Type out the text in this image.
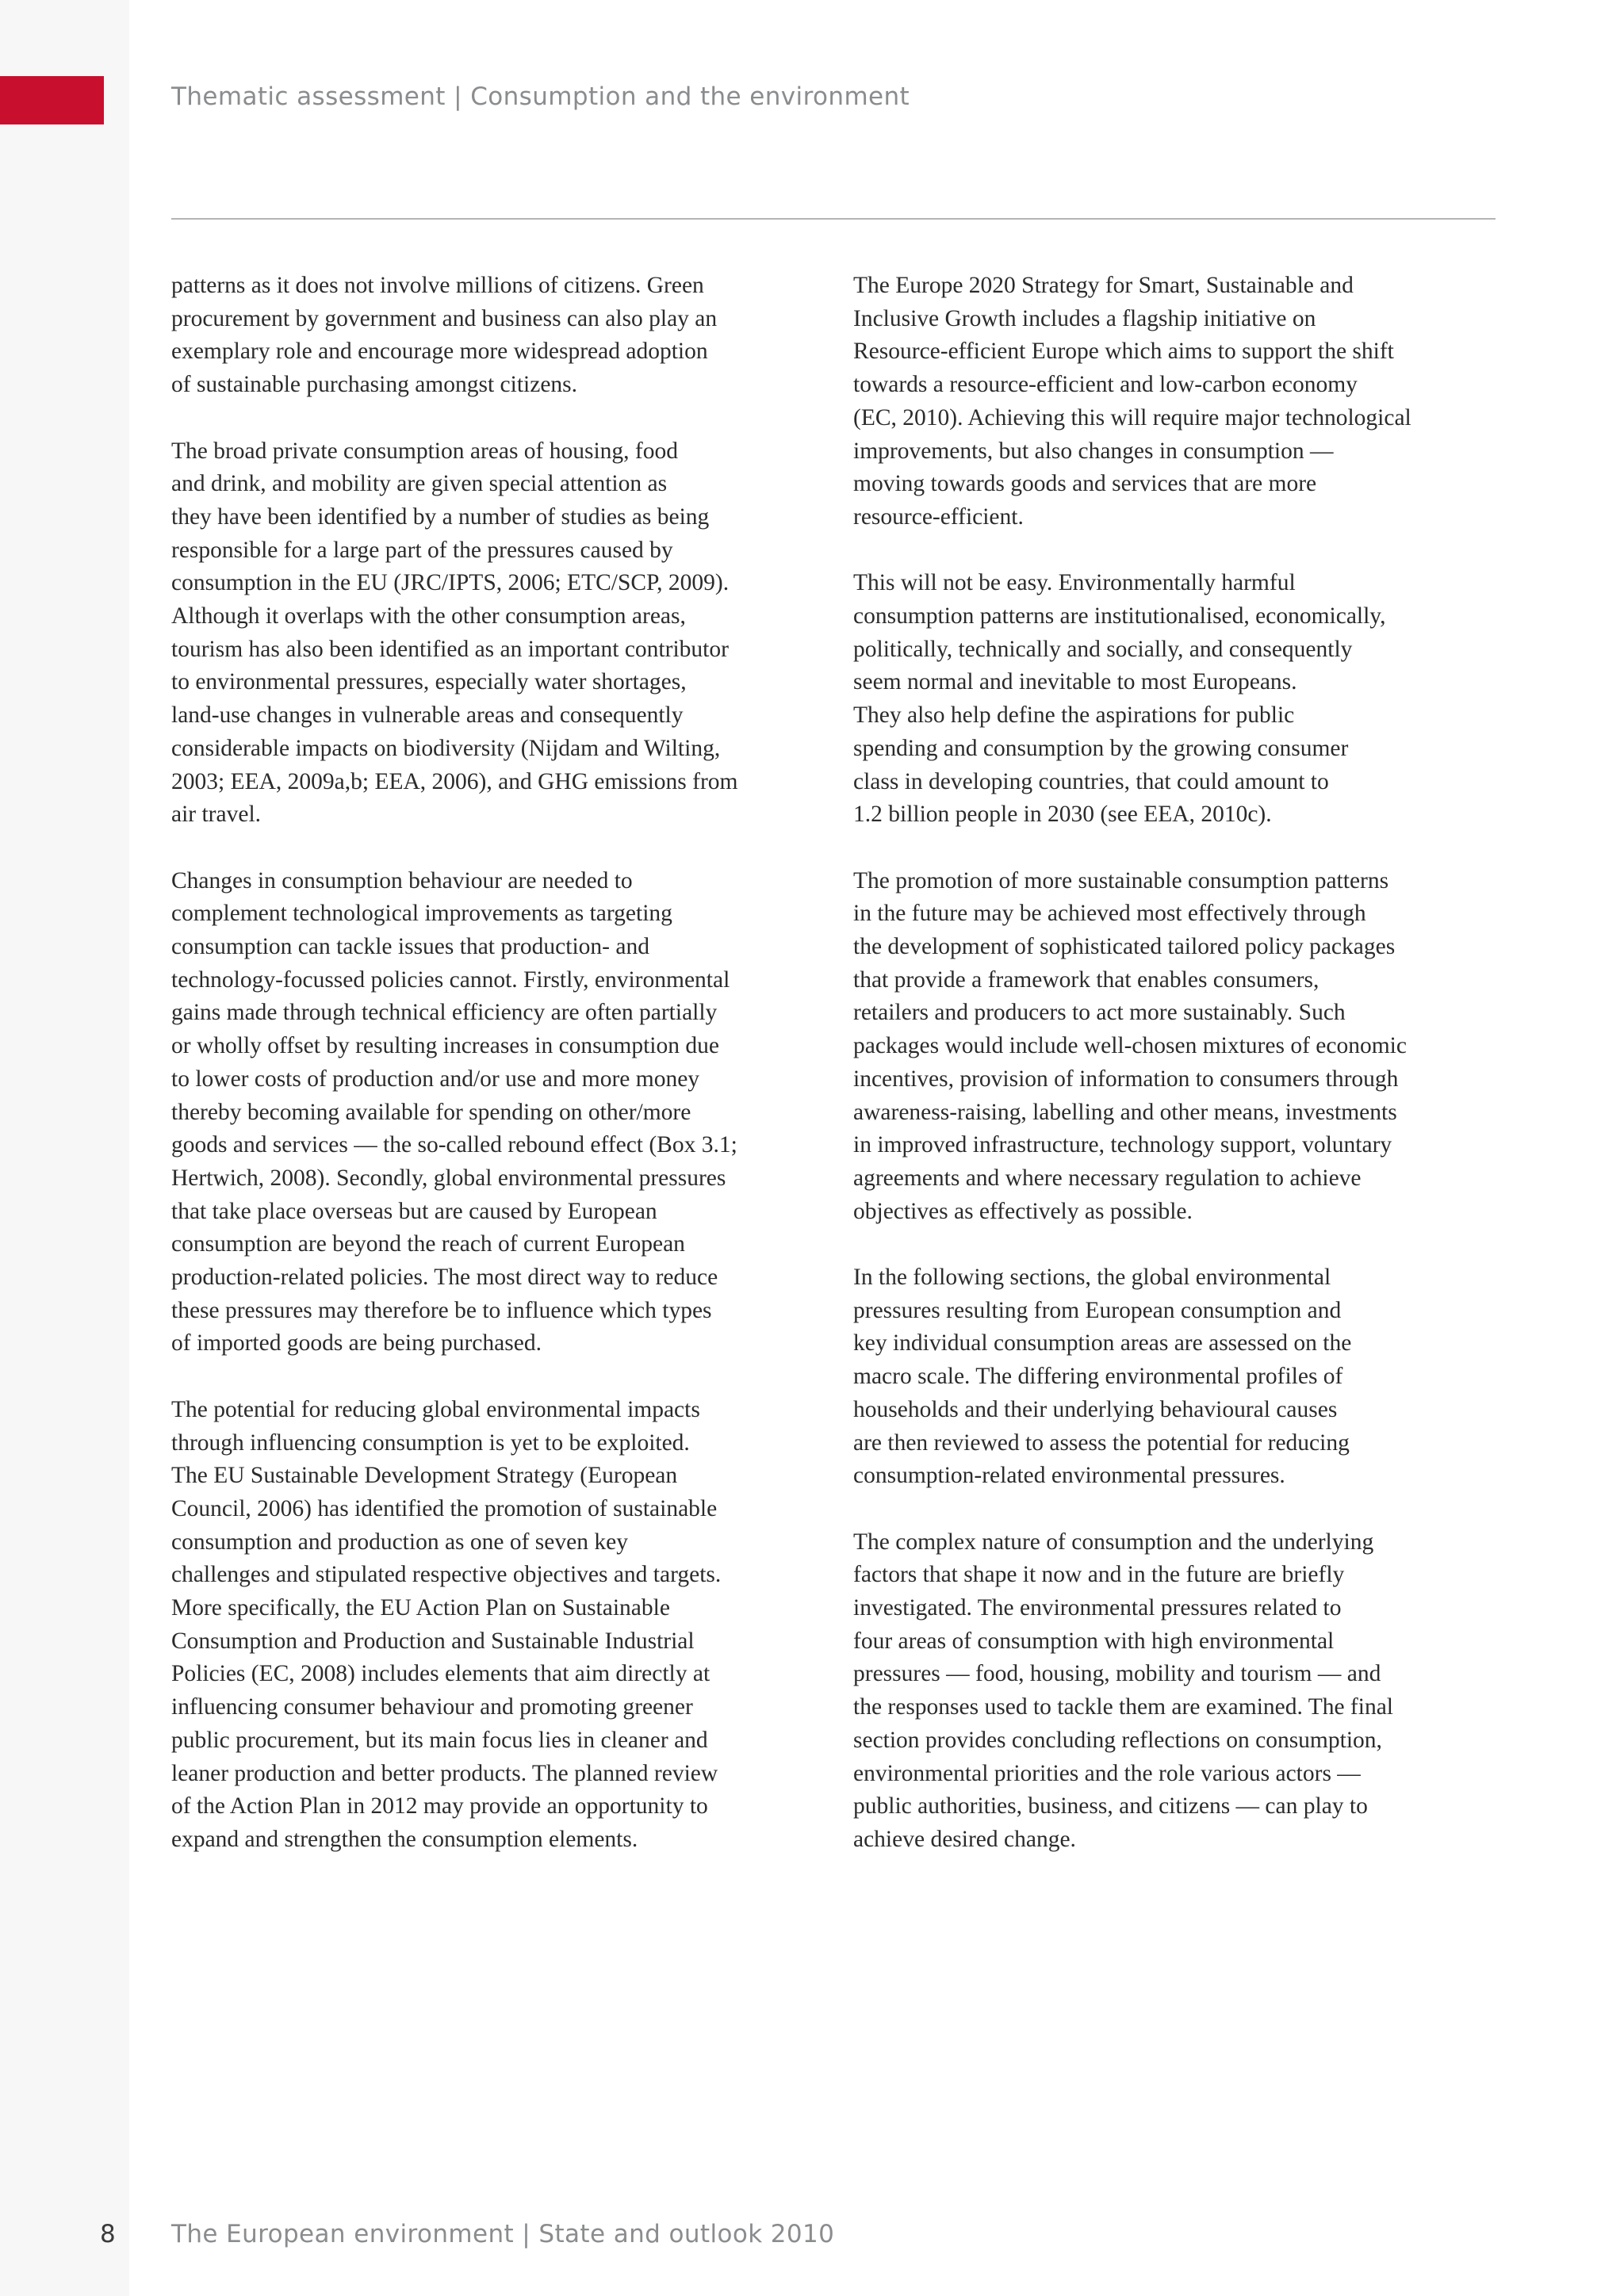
Thematic assessment | Consumption and the environment

patterns as it does not involve millions of citizens. Green
procurement by government and business can also play an
exemplary role and encourage more widespread adoption
of sustainable purchasing amongst citizens.

The broad private consumption areas of housing, food
and drink, and mobility are given special attention as
they have been identified by a number of studies as being
responsible for a large part of the pressures caused by
consumption in the EU (JRC/IPTS, 2006; ETC/SCP, 2009).
Although it overlaps with the other consumption areas,
tourism has also been identified as an important contributor
to environmental pressures, especially water shortages,
land-use changes in vulnerable areas and consequently
considerable impacts on biodiversity (Nijdam and Wilting,
2003; EEA, 2009a,b; EEA, 2006), and GHG emissions from
air travel.

Changes in consumption behaviour are needed to
complement technological improvements as targeting
consumption can tackle issues that production- and
technology-focussed policies cannot. Firstly, environmental
gains made through technical efficiency are often partially
or wholly offset by resulting increases in consumption due
to lower costs of production and/or use and more money
thereby becoming available for spending on other/more
goods and services — the so-called rebound effect (Box 3.1;
Hertwich, 2008). Secondly, global environmental pressures
that take place overseas but are caused by European
consumption are beyond the reach of current European
production-related policies. The most direct way to reduce
these pressures may therefore be to influence which types
of imported goods are being purchased.

The potential for reducing global environmental impacts
through influencing consumption is yet to be exploited.
The EU Sustainable Development Strategy (European
Council, 2006) has identified the promotion of sustainable
consumption and production as one of seven key
challenges and stipulated respective objectives and targets.
More specifically, the EU Action Plan on Sustainable
Consumption and Production and Sustainable Industrial
Policies (EC, 2008) includes elements that aim directly at
influencing consumer behaviour and promoting greener
public procurement, but its main focus lies in cleaner and
leaner production and better products. The planned review
of the Action Plan in 2012 may provide an opportunity to
expand and strengthen the consumption elements.

The Europe 2020 Strategy for Smart, Sustainable and
Inclusive Growth includes a flagship initiative on
Resource-efficient Europe which aims to support the shift
towards a resource-efficient and low-carbon economy
(EC, 2010). Achieving this will require major technological
improvements, but also changes in consumption —
moving towards goods and services that are more
resource-efficient.

This will not be easy. Environmentally harmful
consumption patterns are institutionalised, economically,
politically, technically and socially, and consequently
seem normal and inevitable to most Europeans.
They also help define the aspirations for public
spending and consumption by the growing consumer
class in developing countries, that could amount to
1.2 billion people in 2030 (see EEA, 2010c).

The promotion of more sustainable consumption patterns
in the future may be achieved most effectively through
the development of sophisticated tailored policy packages
that provide a framework that enables consumers,
retailers and producers to act more sustainably. Such
packages would include well-chosen mixtures of economic
incentives, provision of information to consumers through
awareness-raising, labelling and other means, investments
in improved infrastructure, technology support, voluntary
agreements and where necessary regulation to achieve
objectives as effectively as possible.

In the following sections, the global environmental
pressures resulting from European consumption and
key individual consumption areas are assessed on the
macro scale. The differing environmental profiles of
households and their underlying behavioural causes
are then reviewed to assess the potential for reducing
consumption-related environmental pressures.

The complex nature of consumption and the underlying
factors that shape it now and in the future are briefly
investigated. The environmental pressures related to
four areas of consumption with high environmental
pressures — food, housing, mobility and tourism — and
the responses used to tackle them are examined. The final
section provides concluding reflections on consumption,
environmental priorities and the role various actors —
public authorities, business, and citizens — can play to
achieve desired change.

8 The European environment | State and outlook 2010
